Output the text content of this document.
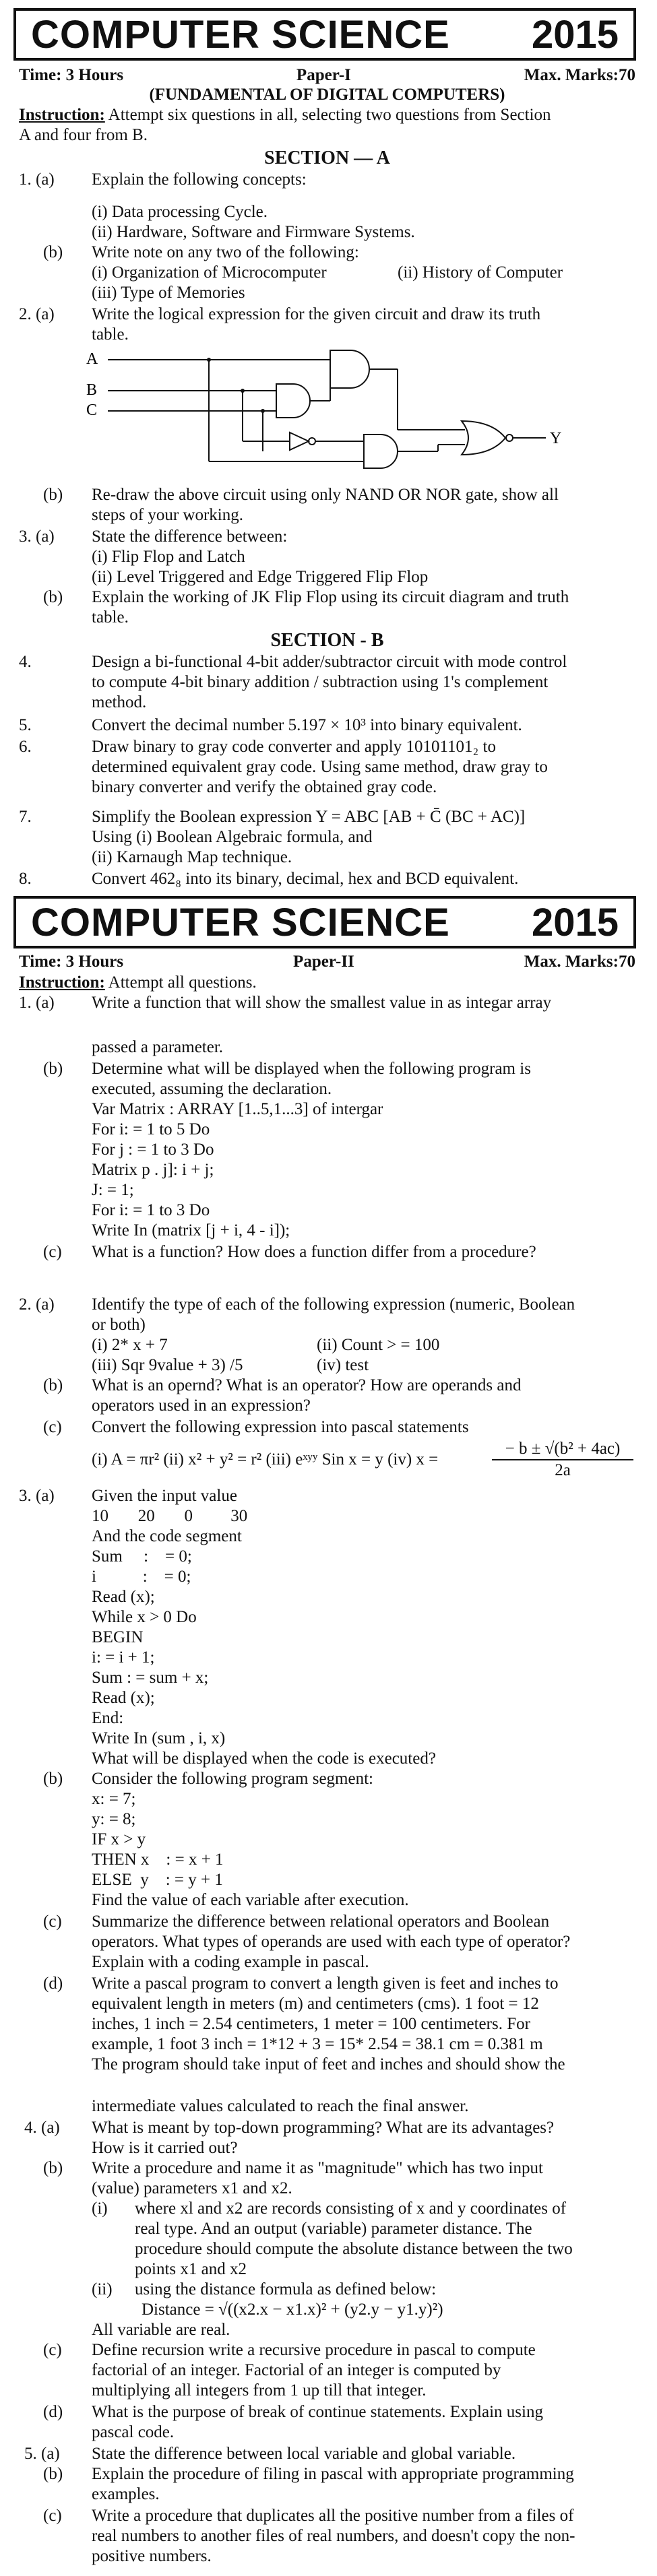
COMPUTER SCIENCE 2015
Time: 3 Hours	Paper-I	Max. Marks:70
(FUNDAMENTAL OF DIGITAL COMPUTERS)
Instruction: Attempt six questions in all, selecting two questions from Section
A and four from B.
SECTION — A
1. (a) Explain the following concepts:
(i) Data processing Cycle.
(ii) Hardware, Software and Firmware Systems.
(b) Write note on any two of the following:
(i) Organization of Microcomputer	(ii) History of Computer
(iii) Type of Memories
2. (a) Write the logical expression for the given circuit and draw its truth
table.
A
B
C
Y
(b) Re-draw the above circuit using only NAND OR NOR gate, show all
steps of your working.
3. (a) State the difference between:
(i) Flip Flop and Latch
(ii) Level Triggered and Edge Triggered Flip Flop
(b) Explain the working of JK Flip Flop using its circuit diagram and truth
table.
SECTION - B
4.	Design a bi-functional 4-bit adder/subtractor circuit with mode control
to compute 4-bit binary addition / subtraction using 1's complement
method.
5.	Convert the decimal number 5.197 × 10³ into binary equivalent.
6.	Draw binary to gray code converter and apply 10101101₂ to
determined equivalent gray code. Using same method, draw gray to
binary converter and verify the obtained gray code.
7.	Simplify the Boolean expression Y = ABC [AB + C̄ (BC + AC)]
Using (i) Boolean Algebraic formula, and
(ii) Karnaugh Map technique.
8.	Convert 462₈ into its binary, decimal, hex and BCD equivalent.
COMPUTER SCIENCE 2015
Time: 3 Hours	Paper-II	Max. Marks:70
Instruction: Attempt all questions.
1. (a) Write a function that will show the smallest value in as integar array
passed a parameter.
(b) Determine what will be displayed when the following program is
executed, assuming the declaration.
Var Matrix : ARRAY [1..5,1...3] of intergar
For i: = 1 to 5 Do
For j : = 1 to 3 Do
Matrix p . j]: i + j;
J: = 1;
For i: = 1 to 3 Do
Write In (matrix [j + i, 4 - i]);
(c) What is a function? How does a function differ from a procedure?
2. (a) Identify the type of each of the following expression (numeric, Boolean
or both)
(i) 2* x + 7	(ii) Count > = 100
(iii) Sqr 9value + 3) /5	(iv) test
(b) What is an opernd? What is an operator? How are operands and
operators used in an expression?
(c) Convert the following expression into pascal statements
(i) A = πr² (ii) x² + y² = r² (iii) eˣʸʸ Sin x = y (iv) x =	$\frac{\text{− b ± √(b² + 4ac)}}{2a}$
3. (a) Given the input value
10       20       0         30
And the code segment
Sum     :    = 0;
i           :    = 0;
Read (x);
While x > 0 Do
BEGIN
i: = i + 1;
Sum : = sum + x;
Read (x);
End:
Write In (sum , i, x)
What will be displayed when the code is executed?
(b) Consider the following program segment:
x: = 7;
y: = 8;
IF x > y
THEN x    : = x + 1
ELSE  y    : = y + 1
Find the value of each variable after execution.
(c) Summarize the difference between relational operators and Boolean
operators. What types of operands are used with each type of operator?
Explain with a coding example in pascal.
(d) Write a pascal program to convert a length given is feet and inches to
equivalent length in meters (m) and centimeters (cms). 1 foot = 12
inches, 1 inch = 2.54 centimeters, 1 meter = 100 centimeters. For
example, 1 foot 3 inch = 1*12 + 3 = 15* 2.54 = 38.1 cm = 0.381 m
The program should take input of feet and inches and should show the
intermediate values calculated to reach the final answer.
4. (a) What is meant by top-down programming? What are its advantages?
How is it carried out?
(b) Write a procedure and name it as "magnitude" which has two input
(value) parameters x1 and x2.
(i) where xl and x2 are records consisting of x and y coordinates of
real type. And an output (variable) parameter distance. The
procedure should compute the absolute distance between the two
points x1 and x2
(ii) using the distance formula as defined below:
Distance = √((x2.x − x1.x)² + (y2.y − y1.y)²)
All variable are real.
(c) Define recursion write a recursive procedure in pascal to compute
factorial of an integer. Factorial of an integer is computed by
multiplying all integers from 1 up till that integer.
(d) What is the purpose of break of continue statements. Explain using
pascal code.
5. (a) State the difference between local variable and global variable.
(b) Explain the procedure of filing in pascal with appropriate programming
examples.
(c) Write a procedure that duplicates all the positive number from a files of
real numbers to another files of real numbers, and doesn't copy the non-
positive numbers.
